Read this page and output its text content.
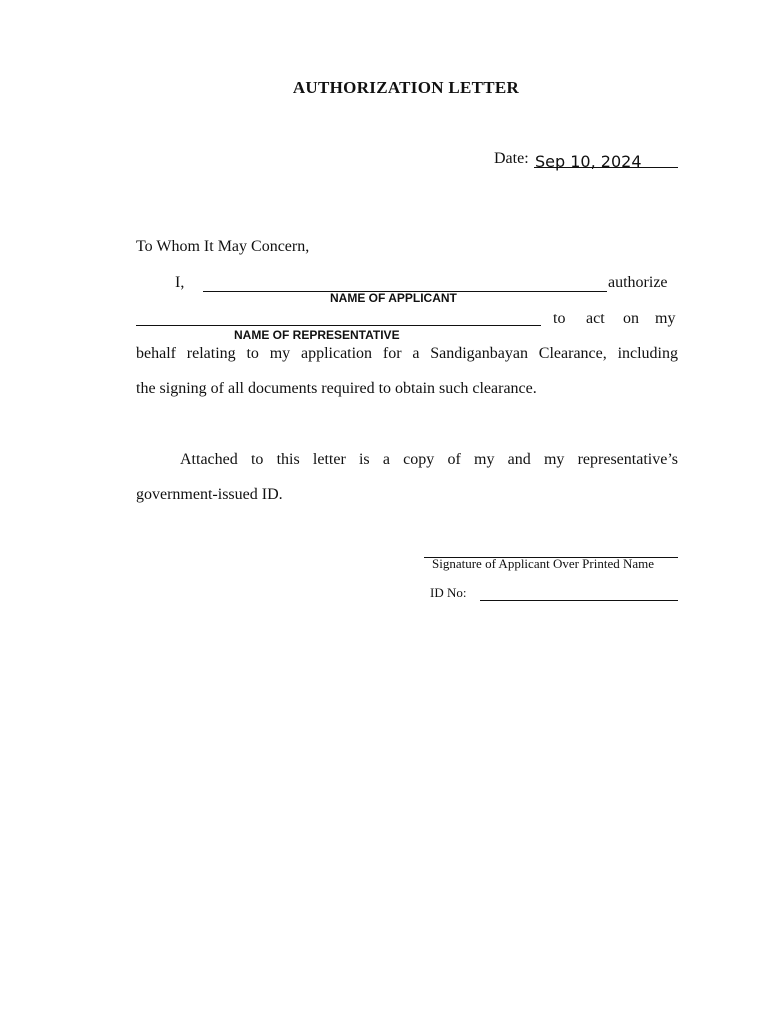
AUTHORIZATION LETTER
Date: Sep 10, 2024
To Whom It May Concern,
I,	authorize
NAME OF APPLICANT
to act on my
NAME OF REPRESENTATIVE
behalf relating to my application for a Sandiganbayan Clearance, including
the signing of all documents required to obtain such clearance.
Attached to this letter is a copy of my and my representative’s
government-issued ID.
Signature of Applicant Over Printed Name
ID No:
